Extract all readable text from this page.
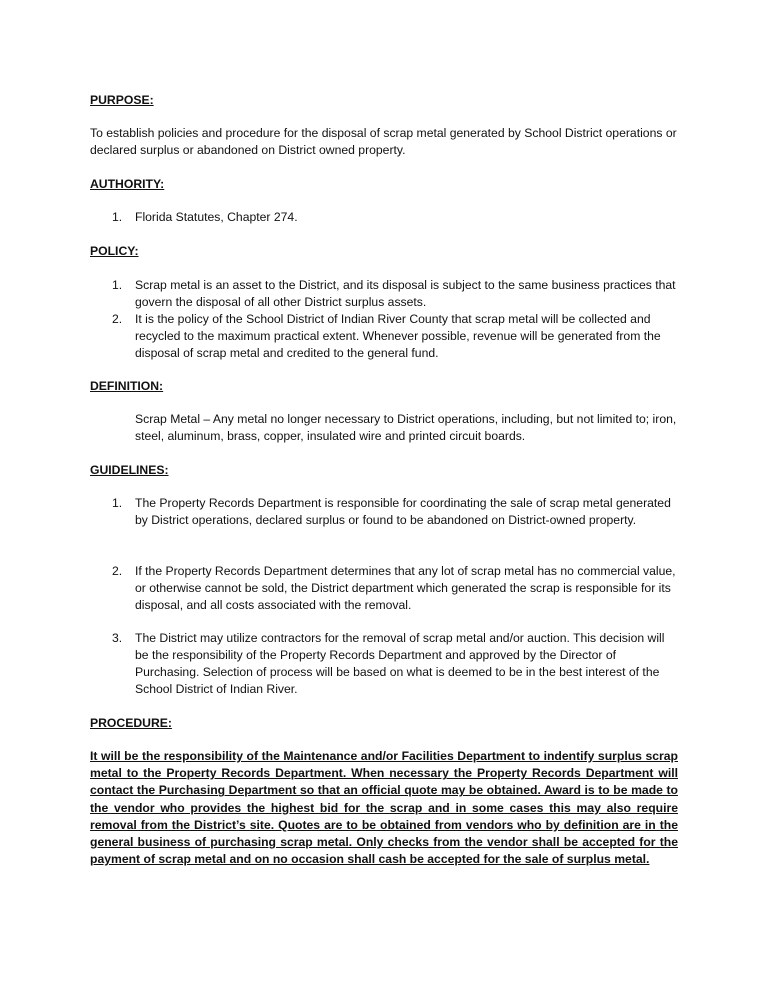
PURPOSE:

To establish policies and procedure for the disposal of scrap metal generated by School District operations or declared surplus or abandoned on District owned property.

AUTHORITY:
1. Florida Statutes, Chapter 274.
POLICY:
1. Scrap metal is an asset to the District, and its disposal is subject to the same business practices that govern the disposal of all other District surplus assets.
2. It is the policy of the School District of Indian River County that scrap metal will be collected and recycled to the maximum practical extent. Whenever possible, revenue will be generated from the disposal of scrap metal and credited to the general fund.
DEFINITION:

Scrap Metal – Any metal no longer necessary to District operations, including, but not limited to; iron, steel, aluminum, brass, copper, insulated wire and printed circuit boards.

GUIDELINES:
1. The Property Records Department is responsible for coordinating the sale of scrap metal generated by District operations, declared surplus or found to be abandoned on District-owned property.
2. If the Property Records Department determines that any lot of scrap metal has no commercial value, or otherwise cannot be sold, the District department which generated the scrap is responsible for its disposal, and all costs associated with the removal.
3. The District may utilize contractors for the removal of scrap metal and/or auction. This decision will be the responsibility of the Property Records Department and approved by the Director of Purchasing. Selection of process will be based on what is deemed to be in the best interest of the School District of Indian River.
PROCEDURE:

It will be the responsibility of the Maintenance and/or Facilities Department to indentify surplus scrap metal to the Property Records Department. When necessary the Property Records Department will contact the Purchasing Department so that an official quote may be obtained. Award is to be made to the vendor who provides the highest bid for the scrap and in some cases this may also require removal from the District’s site. Quotes are to be obtained from vendors who by definition are in the general business of purchasing scrap metal. Only checks from the vendor shall be accepted for the payment of scrap metal and on no occasion shall cash be accepted for the sale of surplus metal.
